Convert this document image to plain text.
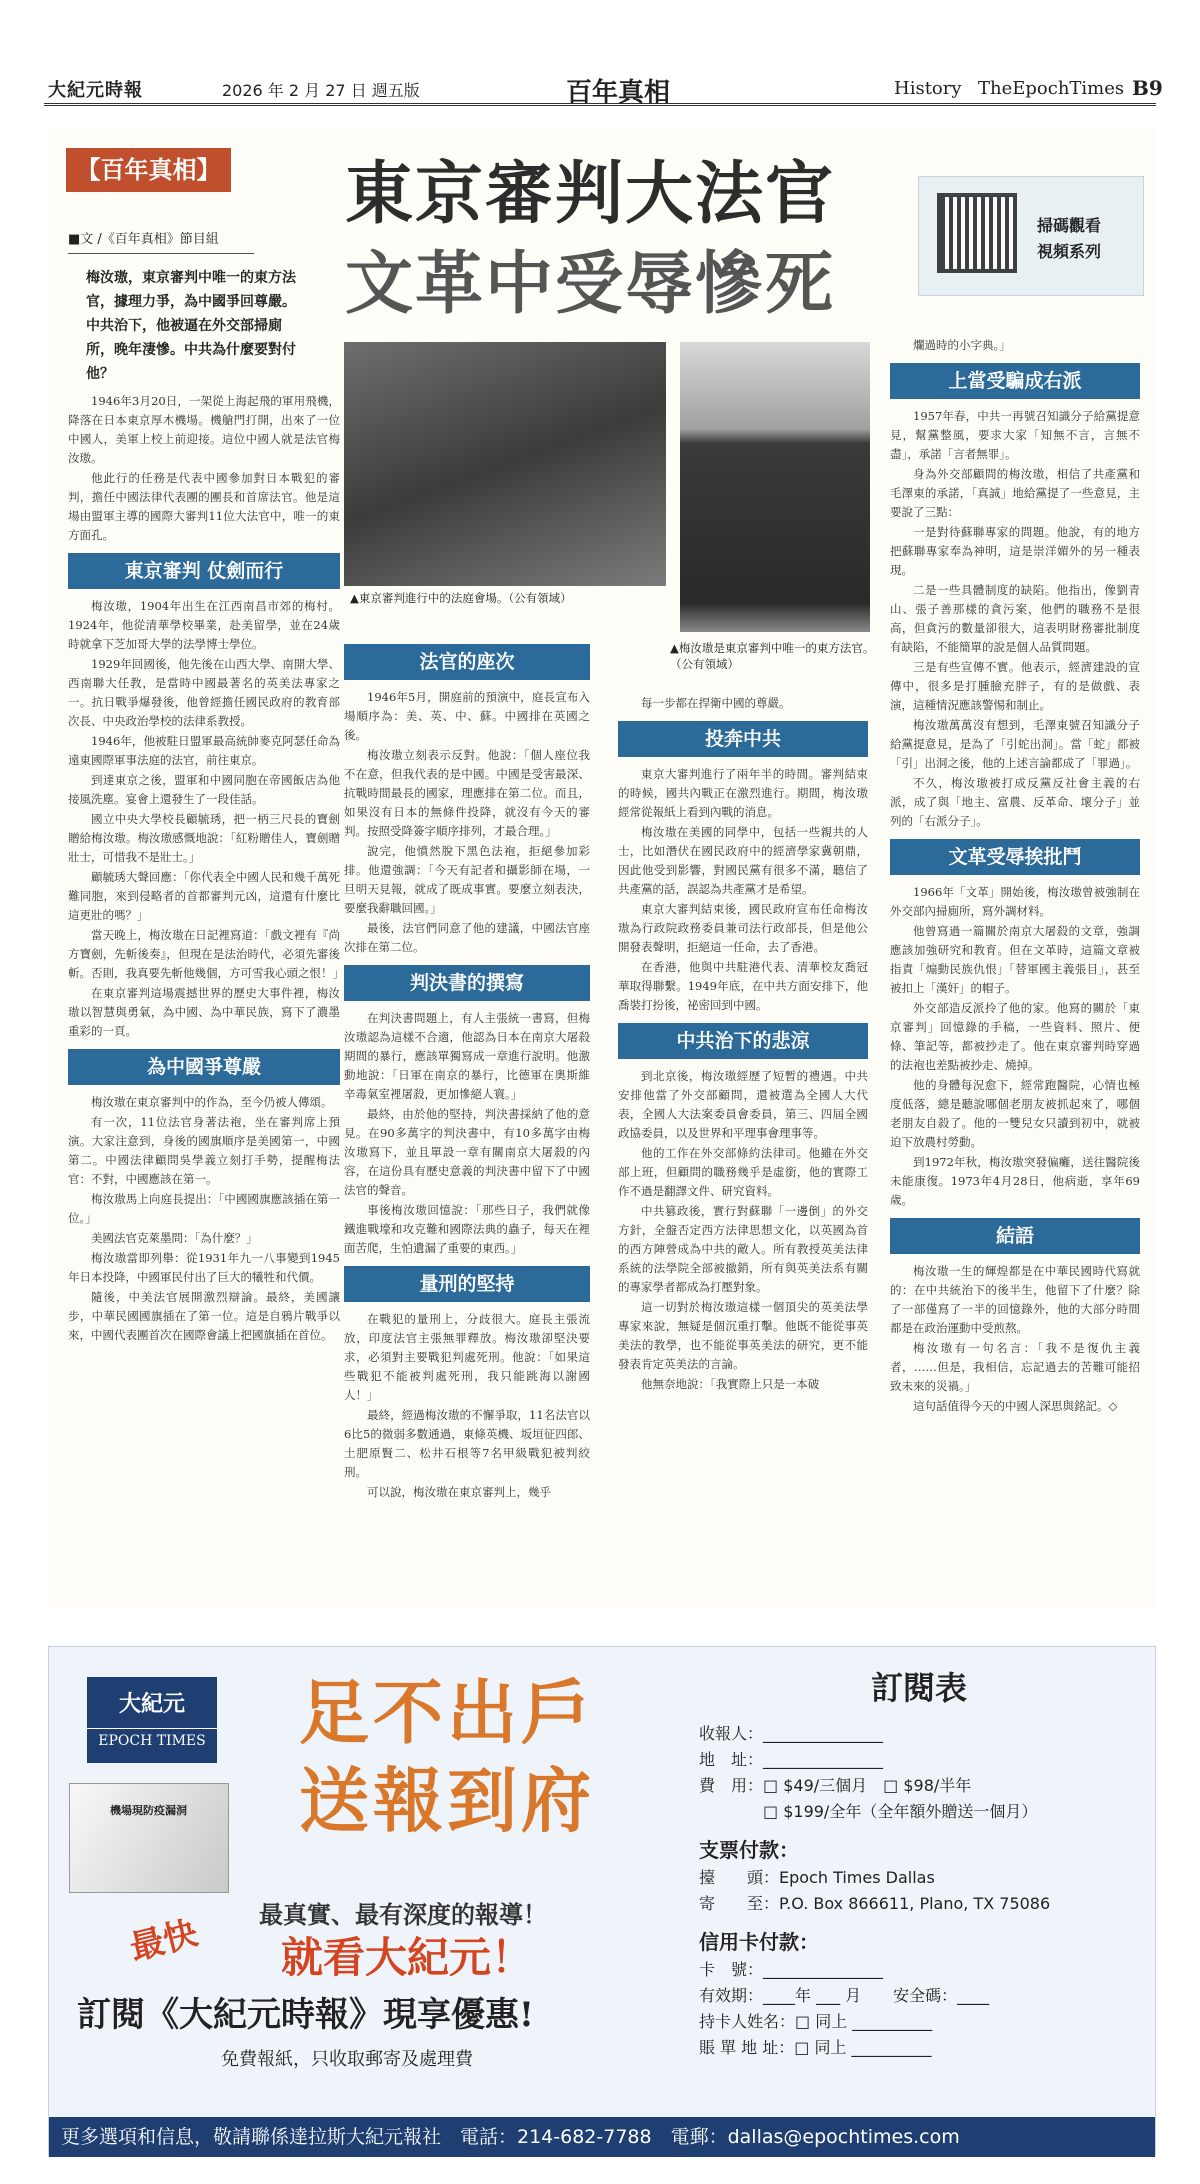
大紀元時報	2026 年 2 月 27 日 週五版	百年真相	History TheEpochTimes B9
【百年真相】 東京審判大法官
文革中受辱慘死
■文 /《百年真相》節目組
梅汝璈，東京審判中唯一的東方法官，據理力爭，為中國爭回尊嚴。中共治下，他被逼在外交部掃廁所，晚年淒慘。中共為什麼要對付他？
掃碼觀看
視頻系列
▲東京審判進行中的法庭會場。（公有領域）
▲梅汝璈是東京審判中唯一的東方法官。（公有領域）

1946年3月20日，一架從上海起飛的軍用飛機，降落在日本東京厚木機場。機艙門打開，出來了一位中國人，美軍上校上前迎接。這位中國人就是法官梅汝璈。

他此行的任務是代表中國參加對日本戰犯的審判，擔任中國法律代表團的團長和首席法官。他是這場由盟軍主導的國際大審判11位大法官中，唯一的東方面孔。

東京審判 仗劍而行

梅汝璈，1904年出生在江西南昌市郊的梅村。1924年，他從清華學校畢業，赴美留學，並在24歲時就拿下芝加哥大學的法學博士學位。

1929年回國後，他先後在山西大學、南開大學、西南聯大任教，是當時中國最著名的英美法專家之一。抗日戰爭爆發後，他曾經擔任國民政府的教育部次長、中央政治學校的法律系教授。

1946年，他被駐日盟軍最高統帥麥克阿瑟任命為遠東國際軍事法庭的法官，前往東京。

到達東京之後，盟軍和中國同胞在帝國飯店為他接風洗塵。宴會上還發生了一段佳話。

國立中央大學校長顧毓琇，把一柄三尺長的寶劍贈給梅汝璈。梅汝璈感慨地說：「紅粉贈佳人，寶劍贈壯士，可惜我不是壯士。」

顧毓琇大聲回應：「你代表全中國人民和幾千萬死難同胞，來到侵略者的首都審判元凶，這還有什麼比這更壯的嗎？」

當天晚上，梅汝璈在日記裡寫道：「戲文裡有『尚方寶劍，先斬後奏』，但現在是法治時代，必須先審後斬。否則，我真要先斬他幾個，方可雪我心頭之恨！」

在東京審判這場震撼世界的歷史大事件裡，梅汝璈以智慧與勇氣，為中國、為中華民族，寫下了濃墨重彩的一頁。

為中國爭尊嚴

梅汝璈在東京審判中的作為，至今仍被人傳頌。

有一次，11位法官身著法袍，坐在審判席上預演。大家注意到，身後的國旗順序是美國第一，中國第二。中國法律顧問吳學義立刻打手勢，提醒梅法官：不對，中國應該在第一。

梅汝璈馬上向庭長提出：「中國國旗應該插在第一位。」

美國法官克萊墨問：「為什麼？」

梅汝璈當即列舉：從1931年九一八事變到1945年日本投降，中國軍民付出了巨大的犧牲和代價。

隨後，中美法官展開激烈辯論。最終，美國讓步，中華民國國旗插在了第一位。這是自鴉片戰爭以來，中國代表團首次在國際會議上把國旗插在首位。

法官的座次

1946年5月，開庭前的預演中，庭長宣布入場順序為：美、英、中、蘇。中國排在英國之後。

梅汝璈立刻表示反對。他說：「個人座位我不在意，但我代表的是中國。中國是受害最深、抗戰時間最長的國家，理應排在第二位。而且，如果沒有日本的無條件投降，就沒有今天的審判。按照受降簽字順序排列，才最合理。」

說完，他憤然脫下黑色法袍，拒絕參加彩排。他還強調：「今天有記者和攝影師在場，一旦明天見報，就成了既成事實。要麼立刻表決，要麼我辭職回國。」

最後，法官們同意了他的建議，中國法官座次排在第二位。

判決書的撰寫

在判決書問題上，有人主張統一書寫，但梅汝璈認為這樣不合適，他認為日本在南京大屠殺期間的暴行，應該單獨寫成一章進行說明。他激動地說：「日軍在南京的暴行，比德軍在奧斯維辛毒氣室裡屠殺，更加慘絕人寰。」

最終，由於他的堅持，判決書採納了他的意見。在90多萬字的判決書中，有10多萬字由梅汝璈寫下，並且單設一章有關南京大屠殺的內容，在這份具有歷史意義的判決書中留下了中國法官的聲音。

事後梅汝璈回憶說：「那些日子，我們就像鐵進戰壕和攻克難和國際法典的蟲子，每天在裡面苦爬，生怕遺漏了重要的東西。」

量刑的堅持

在戰犯的量刑上，分歧很大。庭長主張流放，印度法官主張無罪釋放。梅汝璈卻堅決要求，必須對主要戰犯判處死刑。他說：「如果這些戰犯不能被判處死刑，我只能跳海以謝國人！」

最終，經過梅汝璈的不懈爭取，11名法官以6比5的微弱多數通過，東條英機、坂垣征四郎、土肥原賢二、松井石根等7名甲級戰犯被判絞刑。

可以說，梅汝璈在東京審判上，幾乎

每一步都在捍衛中國的尊嚴。

投奔中共

東京大審判進行了兩年半的時間。審判結束的時候，國共內戰正在激烈進行。期間，梅汝璈經常從報紙上看到內戰的消息。

梅汝璈在美國的同學中，包括一些親共的人士，比如潛伏在國民政府中的經濟學家冀朝鼎，因此他受到影響，對國民黨有很多不滿，聽信了共產黨的話，誤認為共產黨才是希望。

東京大審判結束後，國民政府宣布任命梅汝璈為行政院政務委員兼司法行政部長，但是他公開發表聲明，拒絕這一任命，去了香港。

在香港，他與中共駐港代表、清華校友喬冠華取得聯繫。1949年底，在中共方面安排下，他喬裝打扮後，祕密回到中國。

中共治下的悲涼

到北京後，梅汝璈經歷了短暫的禮遇。中共安排他當了外交部顧問，還被選為全國人大代表，全國人大法案委員會委員，第三、四屆全國政協委員，以及世界和平理事會理事等。

他的工作在外交部條約法律司。他雖在外交部上班，但顧問的職務幾乎是虛銜，他的實際工作不過是翻譯文件、研究資料。

中共篡政後，實行對蘇聯「一邊倒」的外交方針，全盤否定西方法律思想文化，以英國為首的西方陣營成為中共的敵人。所有教授英美法律系統的法學院全部被撤銷，所有與英美法系有關的專家學者都成為打壓對象。

這一切對於梅汝璈這樣一個頂尖的英美法學專家來說，無疑是個沉重打擊。他既不能從事英美法的教學，也不能從事英美法的研究，更不能發表肯定英美法的言論。

他無奈地說：「我實際上只是一本破

爛過時的小字典。」

上當受騙成右派

1957年春，中共一再號召知識分子給黨提意見，幫黨整風，要求大家「知無不言，言無不盡」，承諾「言者無罪」。

身為外交部顧問的梅汝璈，相信了共產黨和毛澤東的承諾，「真誠」地給黨提了一些意見，主要說了三點：

一是對待蘇聯專家的問題。他說，有的地方把蘇聯專家奉為神明，這是崇洋媚外的另一種表現。

二是一些具體制度的缺陷。他指出，像劉青山、張子善那樣的貪污案，他們的職務不是很高，但貪污的數量卻很大，這表明財務審批制度有缺陷，不能簡單的說是個人品質問題。

三是有些宣傳不實。他表示，經濟建設的宣傳中，很多是打腫臉充胖子，有的是做戲、表演，這種情況應該警惕和制止。

梅汝璈萬萬沒有想到，毛澤東號召知識分子給黨提意見，是為了「引蛇出洞」。當「蛇」都被「引」出洞之後，他的上述言論都成了「罪過」。

不久，梅汝璈被打成反黨反社會主義的右派，成了與「地主、富農、反革命、壞分子」並列的「右派分子」。

文革受辱挨批鬥

1966年「文革」開始後，梅汝璈曾被強制在外交部內掃廁所，寫外調材料。

他曾寫過一篇關於南京大屠殺的文章，強調應該加強研究和教育。但在文革時，這篇文章被指責「煽動民族仇恨」「替軍國主義張目」，甚至被扣上「漢奸」的帽子。

外交部造反派拎了他的家。他寫的關於「東京審判」回憶錄的手稿，一些資料、照片、便條、筆記等，都被抄走了。他在東京審判時穿過的法袍也差點被抄走、燒掉。

他的身體每況愈下，經常跑醫院，心情也極度低落，總是聽說哪個老朋友被抓起來了，哪個老朋友自殺了。他的一雙兒女只讀到初中，就被迫下放農村勞動。

到1972年秋，梅汝璈突發偏癱，送往醫院後未能康復。1973年4月28日，他病逝，享年69歲。

結語

梅汝璈一生的輝煌都是在中華民國時代寫就的：在中共統治下的後半生，他留下了什麼？除了一部僅寫了一半的回憶錄外，他的大部分時間都是在政治運動中受煎熬。

梅汝璈有一句名言：「我不是復仇主義者，……但是，我相信，忘記過去的苦難可能招致未來的災禍。」

這句話值得今天的中國人深思與銘記。◇

大紀元
EPOCH TIMES 足不出戶
送報到府
機場現防疫漏洞
最快 最真實、最有深度的報導！
就看大紀元！
訂閱《大紀元時報》現享優惠!
免費報紙，只收取郵寄及處理費
訂閱表
收報人：_______________
地　址：_______________
費　用：□ $49/三個月　□ $98/半年
　　　　□ $199/全年（全年額外贈送一個月）
支票付款：
擡　　頭：Epoch Times Dallas
寄　　至：P.O. Box 866611, Plano, TX 75086
信用卡付款：
卡　號：_______________
有效期：____年 ___ 月　　安全碼：____
持卡人姓名：□ 同上 __________
賬 單 地 址：□ 同上 __________
更多選項和信息，敬請聯係達拉斯大紀元報社　電話：214-682-7788　電郵：dallas@epochtimes.com
